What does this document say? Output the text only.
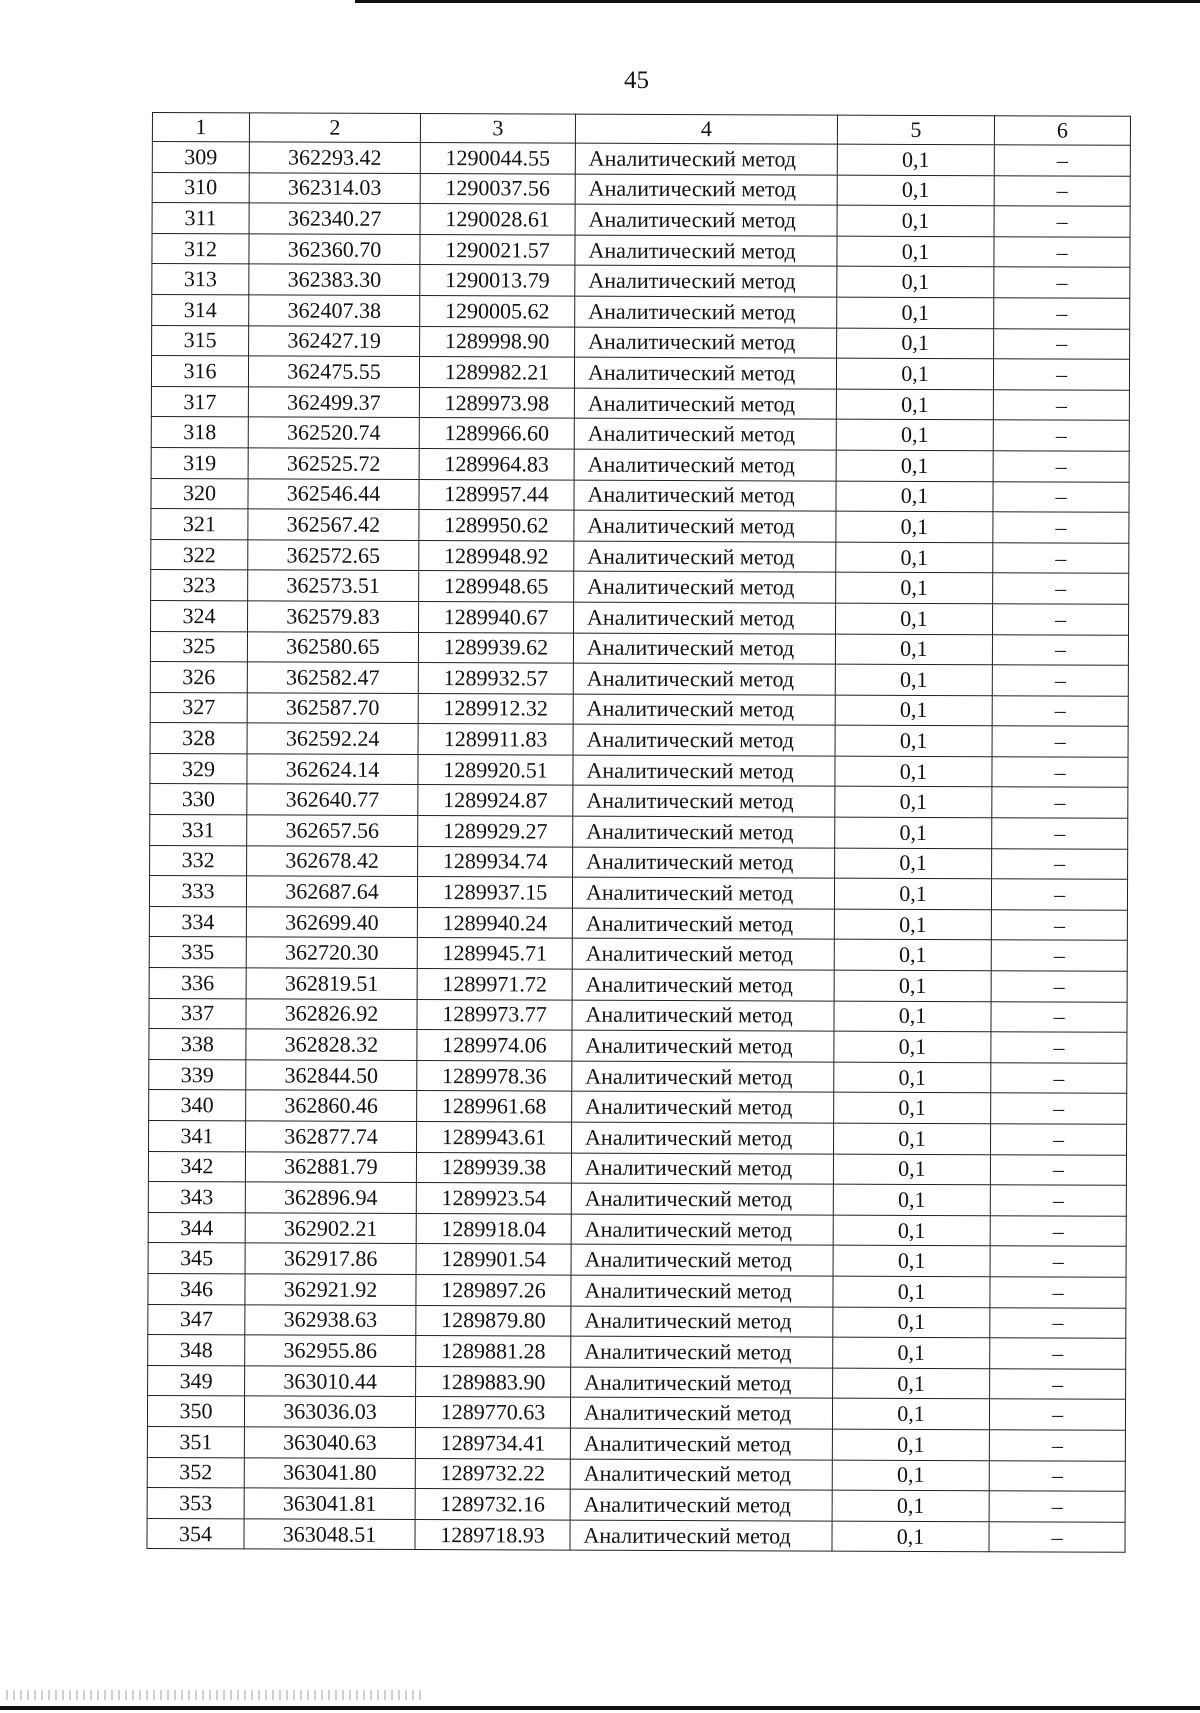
45
1	2	3	4	5	6
309	362293.42	1290044.55	Аналитический метод	0,1	–
310	362314.03	1290037.56	Аналитический метод	0,1	–
311	362340.27	1290028.61	Аналитический метод	0,1	–
312	362360.70	1290021.57	Аналитический метод	0,1	–
313	362383.30	1290013.79	Аналитический метод	0,1	–
314	362407.38	1290005.62	Аналитический метод	0,1	–
315	362427.19	1289998.90	Аналитический метод	0,1	–
316	362475.55	1289982.21	Аналитический метод	0,1	–
317	362499.37	1289973.98	Аналитический метод	0,1	–
318	362520.74	1289966.60	Аналитический метод	0,1	–
319	362525.72	1289964.83	Аналитический метод	0,1	–
320	362546.44	1289957.44	Аналитический метод	0,1	–
321	362567.42	1289950.62	Аналитический метод	0,1	–
322	362572.65	1289948.92	Аналитический метод	0,1	–
323	362573.51	1289948.65	Аналитический метод	0,1	–
324	362579.83	1289940.67	Аналитический метод	0,1	–
325	362580.65	1289939.62	Аналитический метод	0,1	–
326	362582.47	1289932.57	Аналитический метод	0,1	–
327	362587.70	1289912.32	Аналитический метод	0,1	–
328	362592.24	1289911.83	Аналитический метод	0,1	–
329	362624.14	1289920.51	Аналитический метод	0,1	–
330	362640.77	1289924.87	Аналитический метод	0,1	–
331	362657.56	1289929.27	Аналитический метод	0,1	–
332	362678.42	1289934.74	Аналитический метод	0,1	–
333	362687.64	1289937.15	Аналитический метод	0,1	–
334	362699.40	1289940.24	Аналитический метод	0,1	–
335	362720.30	1289945.71	Аналитический метод	0,1	–
336	362819.51	1289971.72	Аналитический метод	0,1	–
337	362826.92	1289973.77	Аналитический метод	0,1	–
338	362828.32	1289974.06	Аналитический метод	0,1	–
339	362844.50	1289978.36	Аналитический метод	0,1	–
340	362860.46	1289961.68	Аналитический метод	0,1	–
341	362877.74	1289943.61	Аналитический метод	0,1	–
342	362881.79	1289939.38	Аналитический метод	0,1	–
343	362896.94	1289923.54	Аналитический метод	0,1	–
344	362902.21	1289918.04	Аналитический метод	0,1	–
345	362917.86	1289901.54	Аналитический метод	0,1	–
346	362921.92	1289897.26	Аналитический метод	0,1	–
347	362938.63	1289879.80	Аналитический метод	0,1	–
348	362955.86	1289881.28	Аналитический метод	0,1	–
349	363010.44	1289883.90	Аналитический метод	0,1	–
350	363036.03	1289770.63	Аналитический метод	0,1	–
351	363040.63	1289734.41	Аналитический метод	0,1	–
352	363041.80	1289732.22	Аналитический метод	0,1	–
353	363041.81	1289732.16	Аналитический метод	0,1	–
354	363048.51	1289718.93	Аналитический метод	0,1	–
